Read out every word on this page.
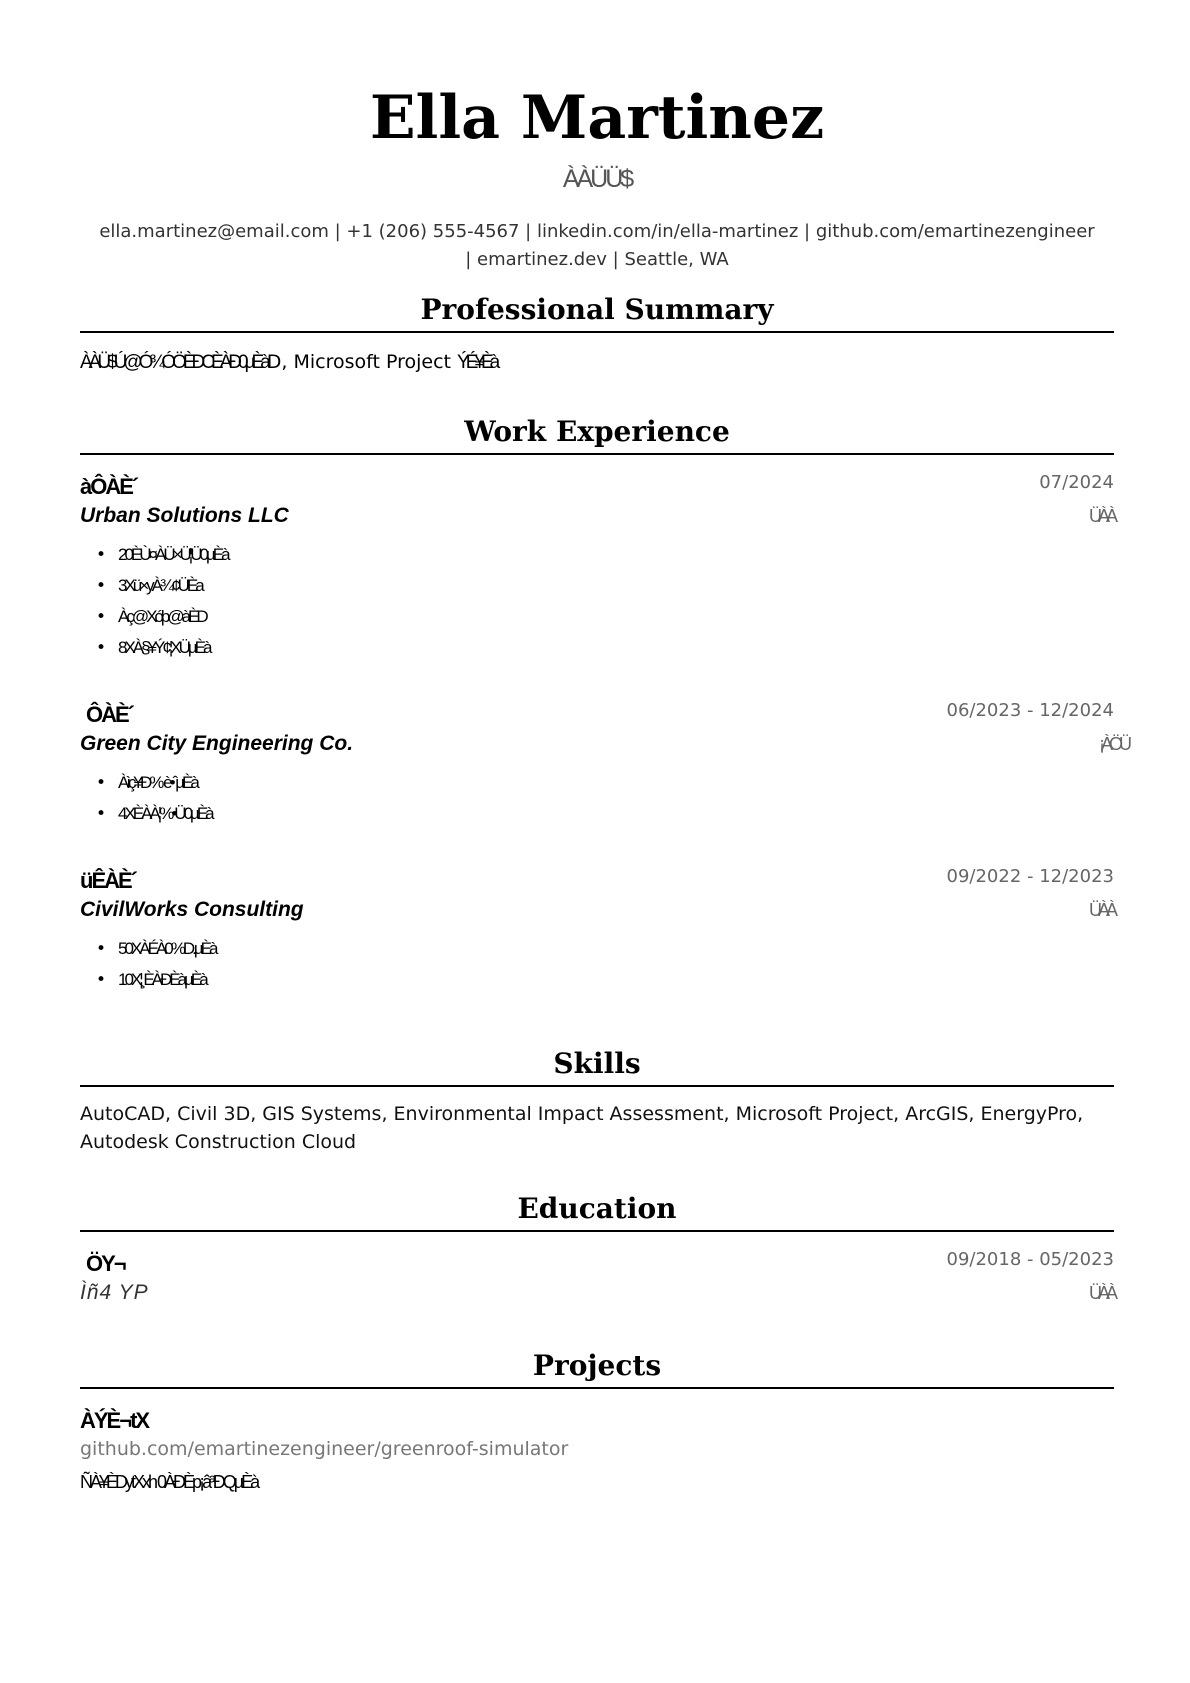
Ella Martinez
ÀÀÜÜ$
ella.martinez@email.com | +1 (206) 555-4567 | linkedin.com/in/ella-martinez | github.com/emartinezengineer
| emartinez.dev | Seattle, WA
Professional Summary
ÀÀÜ$Ú@Ó¾ÓÖÈÐCÈÀÐ0µÈàD, Microsoft Project ÝÉ¥Èà
Work Experience
àÔÀÈ´	07/2024
Urban Solutions LLC	ÜÀÀ
• 20ÈÙ¤ÀÜ×Ü¦Ü0µÈà
• 3Xü×yÀ¾¢ÜÈa
• Àç@Xóþ@àÈD
• 8XÀ§¥Ý¢¦XÜµÈà
ÔÀÈ´	06/2023 - 12/2024
Green City Engineering Co.	¡ÀÖÜ
• Àìç¥Ð% è•ˆµÈà
• 4XÈÀÀ¦%•Ü0µÈà
üÊÀÈ´	09/2022 - 12/2023
CivilWorks Consulting	ÜÀÀ
• 50XÀÉÀ0%D.µÈà
• 10X¦¸ÈÀÐÈàµÈà
Skills
AutoCAD, Civil 3D, GIS Systems, Environmental Impact Assessment, Microsoft Project, ArcGIS, EnergyPro, Autodesk Construction Cloud
Education
ÖY¬	09/2018 - 05/2023
Ìñ4 YP	ÜÀÀ
Projects
ÀÝÈ¬tX
github.com/emartinezengineer/greenroof-simulator
ÑÀ¥ÈDytXxh 0ÀÐÈp¡âªÐQµÈà
